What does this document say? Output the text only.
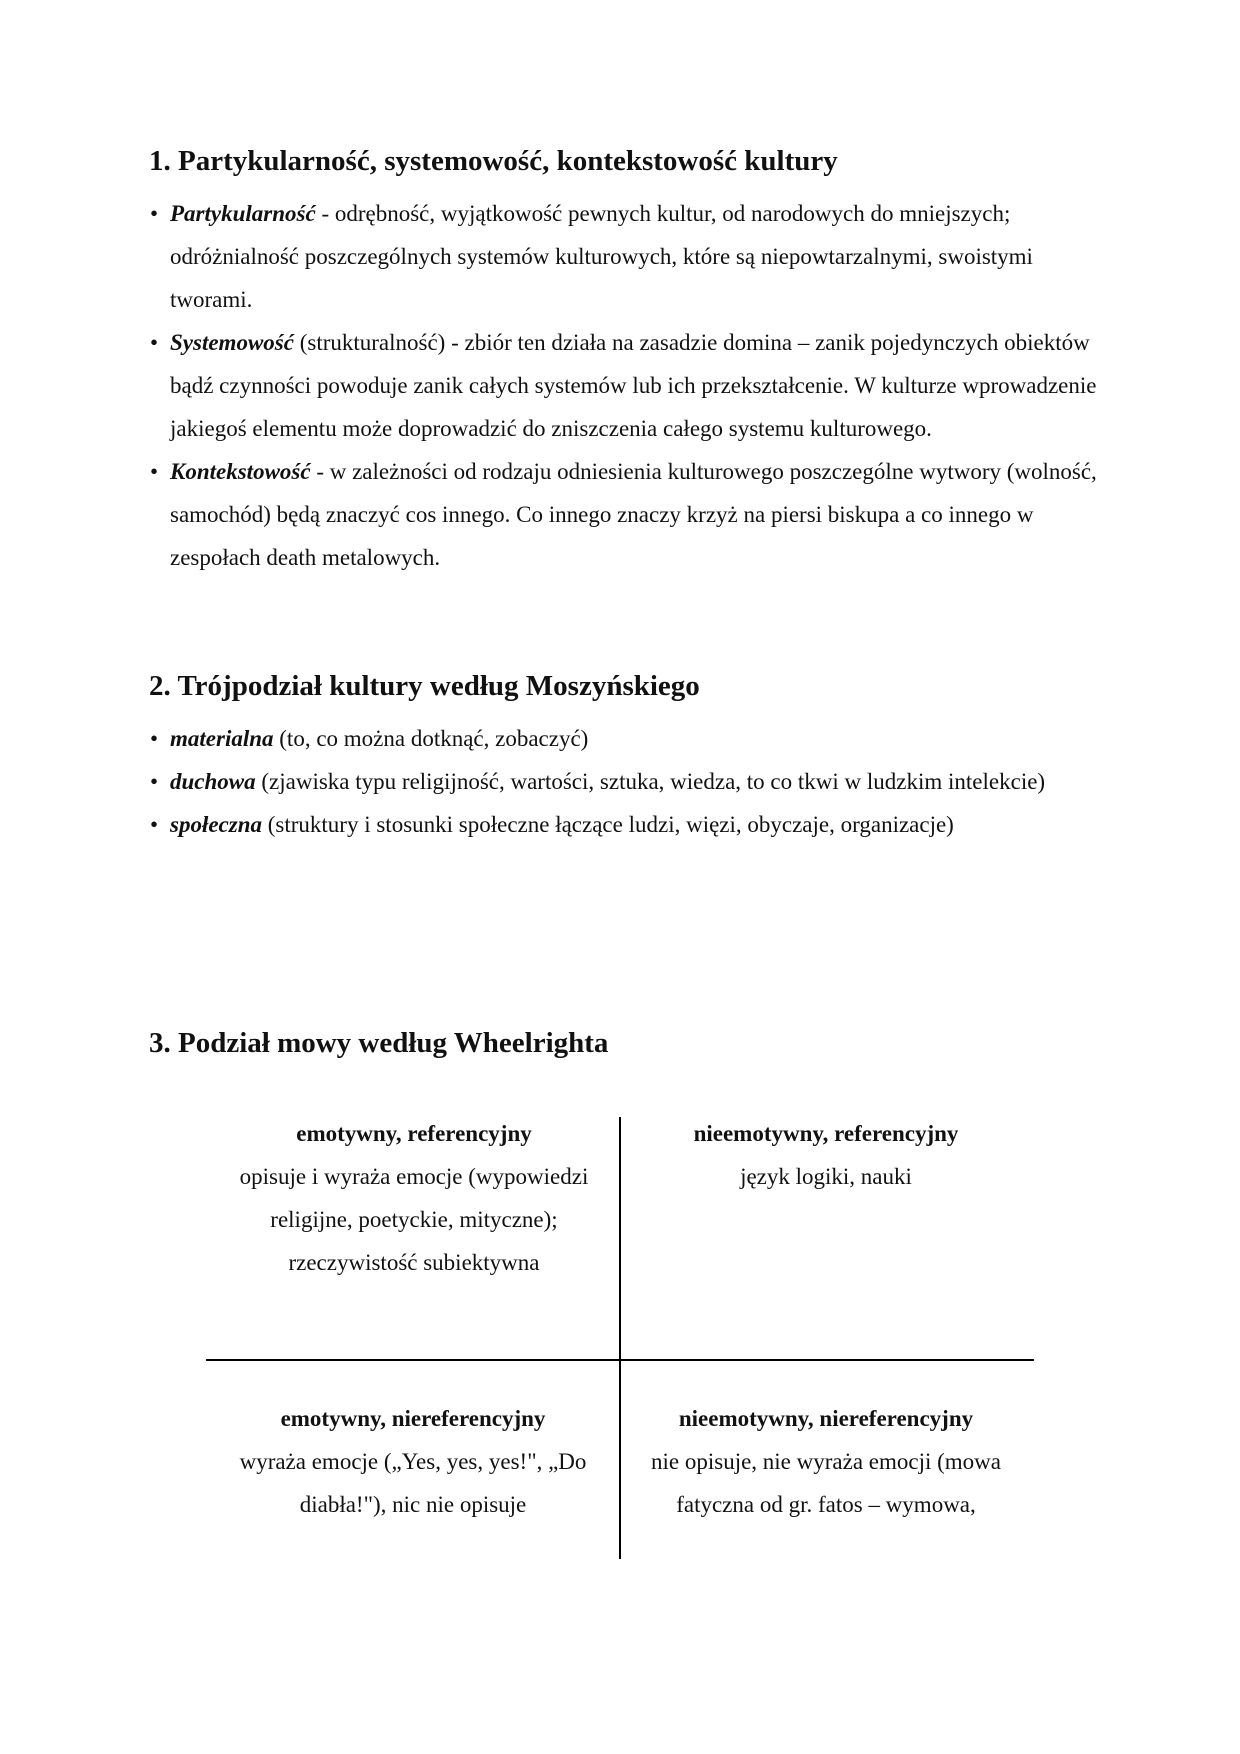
1. Partykularność, systemowość, kontekstowość kultury
• Partykularność - odrębność, wyjątkowość pewnych kultur, od narodowych do mniejszych; odróżnialność poszczególnych systemów kulturowych, które są niepowtarzalnymi, swoistymi tworami.
• Systemowość (strukturalność) - zbiór ten działa na zasadzie domina – zanik pojedynczych obiektów bądź czynności powoduje zanik całych systemów lub ich przekształcenie. W kulturze wprowadzenie jakiegoś elementu może doprowadzić do zniszczenia całego systemu kulturowego.
• Kontekstowość - w zależności od rodzaju odniesienia kulturowego poszczególne wytwory (wolność, samochód) będą znaczyć cos innego. Co innego znaczy krzyż na piersi biskupa a co innego w zespołach death metalowych.
2. Trójpodział kultury według Moszyńskiego
• materialna (to, co można dotknąć, zobaczyć)
• duchowa (zjawiska typu religijność, wartości, sztuka, wiedza, to co tkwi w ludzkim intelekcie)
• społeczna (struktury i stosunki społeczne łączące ludzi, więzi, obyczaje, organizacje)
3. Podział mowy według Wheelrighta
emotywny, referencyjny
opisuje i wyraża emocje (wypowiedzi religijne, poetyckie, mityczne); rzeczywistość subiektywna
nieemotywny, referencyjny
język logiki, nauki
emotywny, niereferencyjny
wyraża emocje („Yes, yes, yes!", „Do diabła!"), nic nie opisuje
nieemotywny, niereferencyjny
nie opisuje, nie wyraża emocji (mowa fatyczna od gr. fatos – wymowa,
